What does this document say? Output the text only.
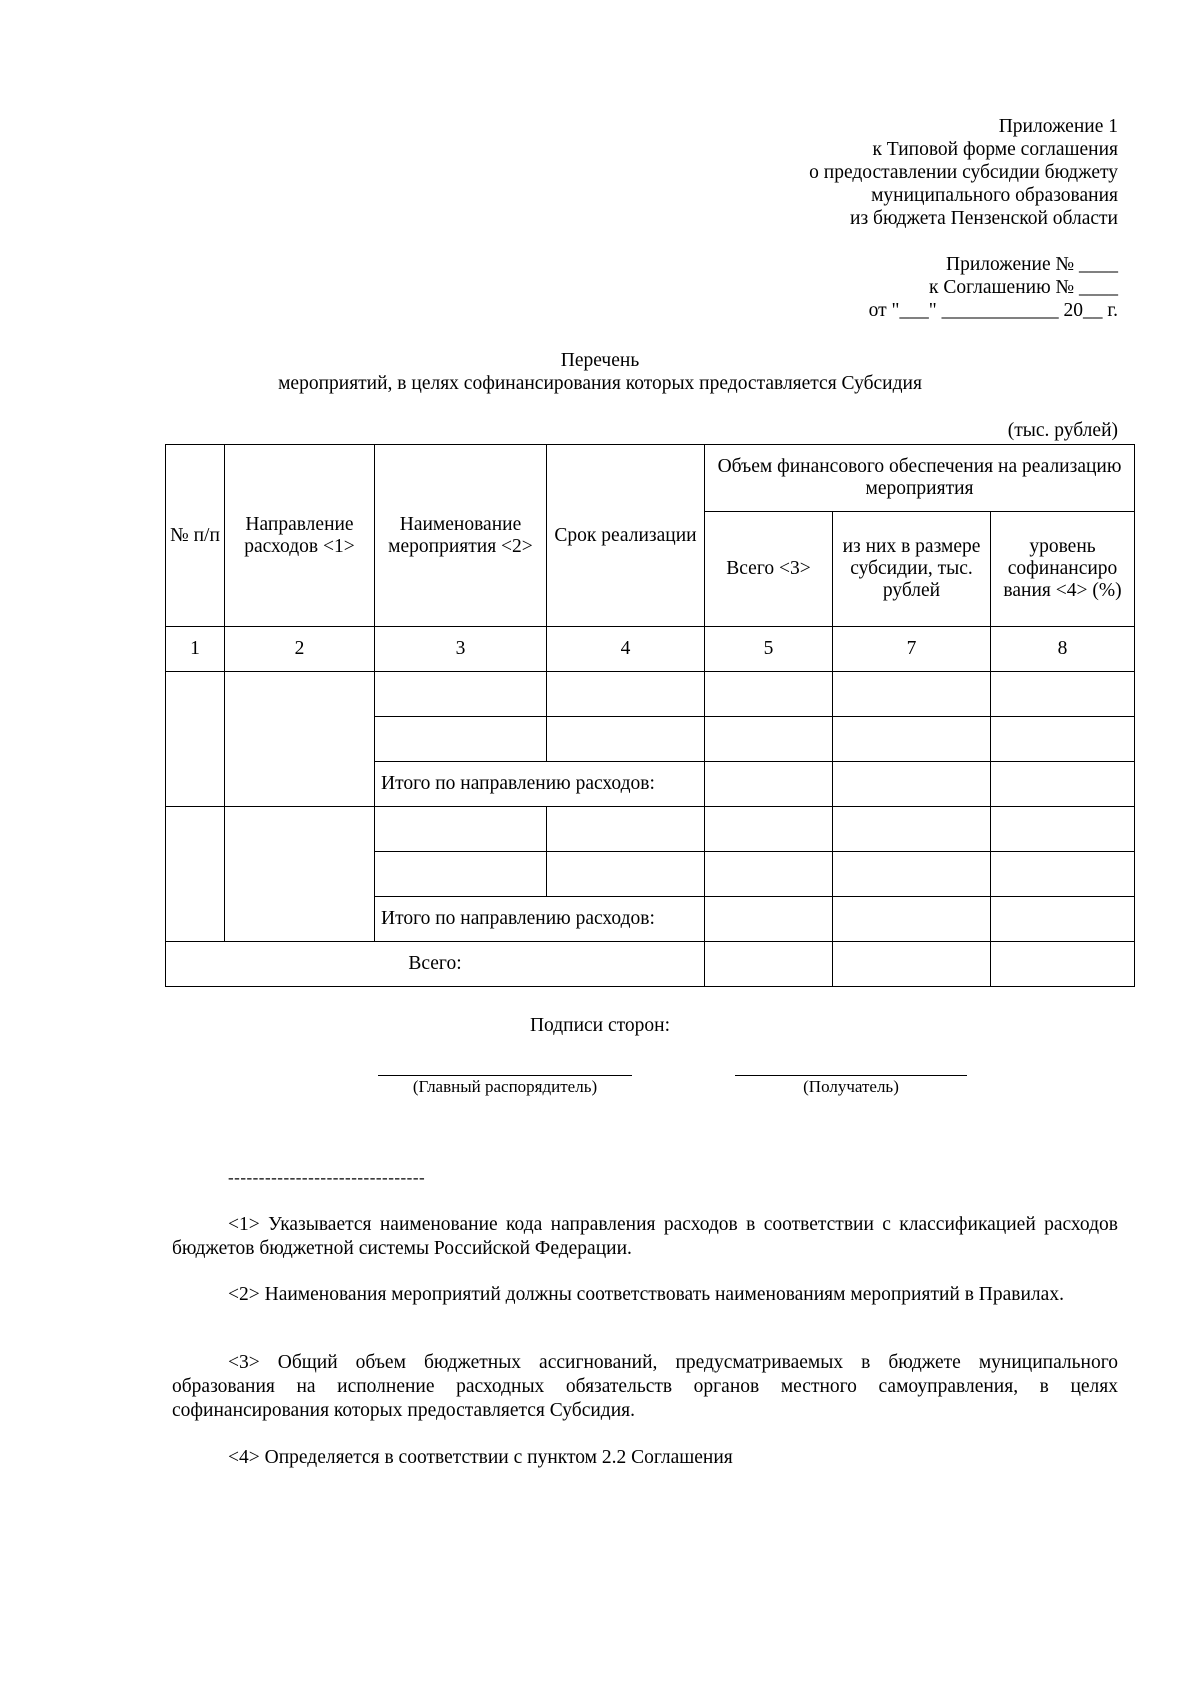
Приложение 1
к Типовой форме соглашения
о предоставлении субсидии бюджету
муниципального образования
из бюджета Пензенской области
Приложение № ____
к Соглашению № ____
от "___" ____________ 20__ г.
Перечень
мероприятий, в целях софинансирования которых предоставляется Субсидия
(тыс. рублей)
№ п/п	Направление расходов <1>	Наименование мероприятия <2>	Срок реализации	Объем финансового обеспечения на реализацию мероприятия		
				Всего <3>	из них в размере субсидии, тыс. рублей	уровень софинансиро вания <4> (%)
1	2	3	4	5	7	8

		Итого по направлению расходов:				

		Итого по направлению расходов:				
Всего:						
Подписи сторон:
(Главный распорядитель)	(Получатель)
--------------------------------
<1> Указывается наименование кода направления расходов в соответствии с классификацией расходов бюджетов бюджетной системы Российской Федерации.
<2> Наименования мероприятий должны соответствовать наименованиям мероприятий в Правилах.
<3> Общий объем бюджетных ассигнований, предусматриваемых в бюджете муниципального образования на исполнение расходных обязательств органов местного самоуправления, в целях софинансирования которых предоставляется Субсидия.
<4> Определяется в соответствии с пунктом 2.2 Соглашения
